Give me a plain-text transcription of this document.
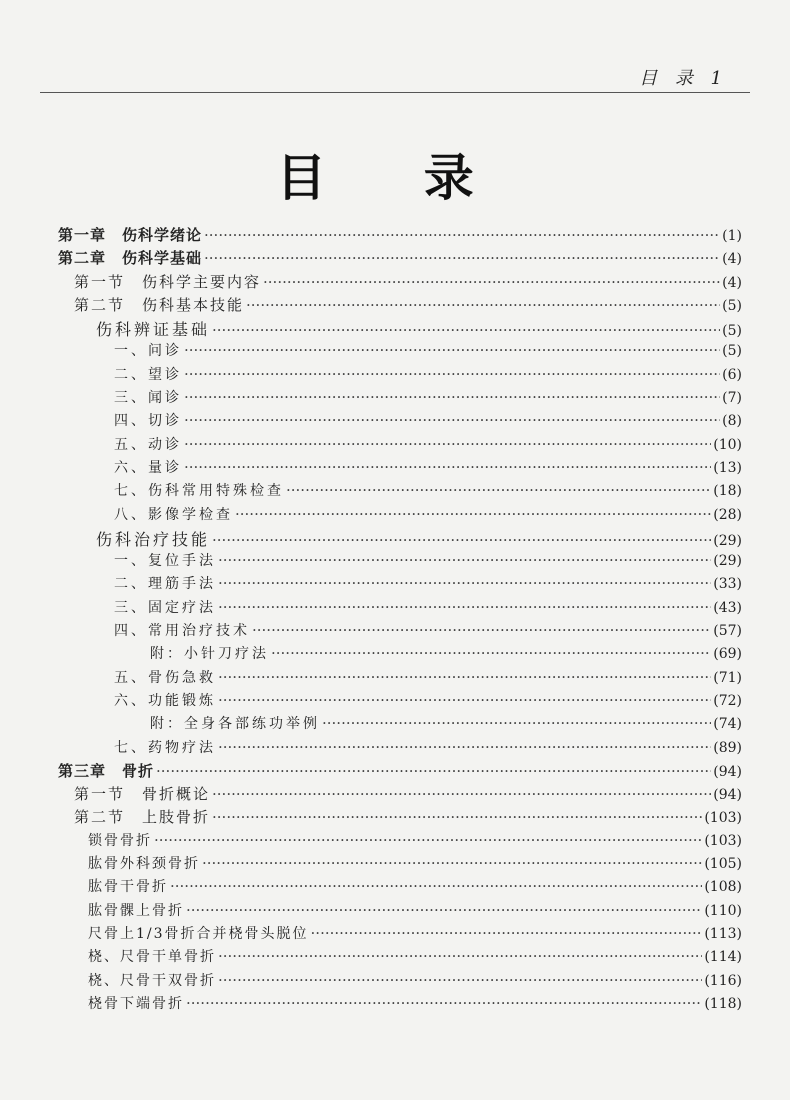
目 录 1
目 录
第一章　伤科学绪论 ·····	(1)
第二章　伤科学基础 ·····	(4)
第一节　伤科学主要内容 ·····	(4)
第二节　伤科基本技能 ·····	(5)
伤科辨证基础 ·····	(5)
一、问诊 ·····	(5)
二、望诊 ·····	(6)
三、闻诊 ·····	(7)
四、切诊 ·····	(8)
五、动诊 ·····	(10)
六、量诊 ·····	(13)
七、伤科常用特殊检查 ·····	(18)
八、影像学检查 ·····	(28)
伤科治疗技能 ·····	(29)
一、复位手法 ·····	(29)
二、理筋手法 ·····	(33)
三、固定疗法 ·····	(43)
四、常用治疗技术 ·····	(57)
附：小针刀疗法 ·····	(69)
五、骨伤急救 ·····	(71)
六、功能锻炼 ·····	(72)
附：全身各部练功举例 ·····	(74)
七、药物疗法 ·····	(89)
第三章　骨折 ·····	(94)
第一节　骨折概论 ·····	(94)
第二节　上肢骨折 ·····	(103)
锁骨骨折 ·····	(103)
肱骨外科颈骨折 ·····	(105)
肱骨干骨折 ·····	(108)
肱骨髁上骨折 ·····	(110)
尺骨上1/3骨折合并桡骨头脱位 ·····	(113)
桡、尺骨干单骨折 ·····	(114)
桡、尺骨干双骨折 ·····	(116)
桡骨下端骨折 ·····	(118)
